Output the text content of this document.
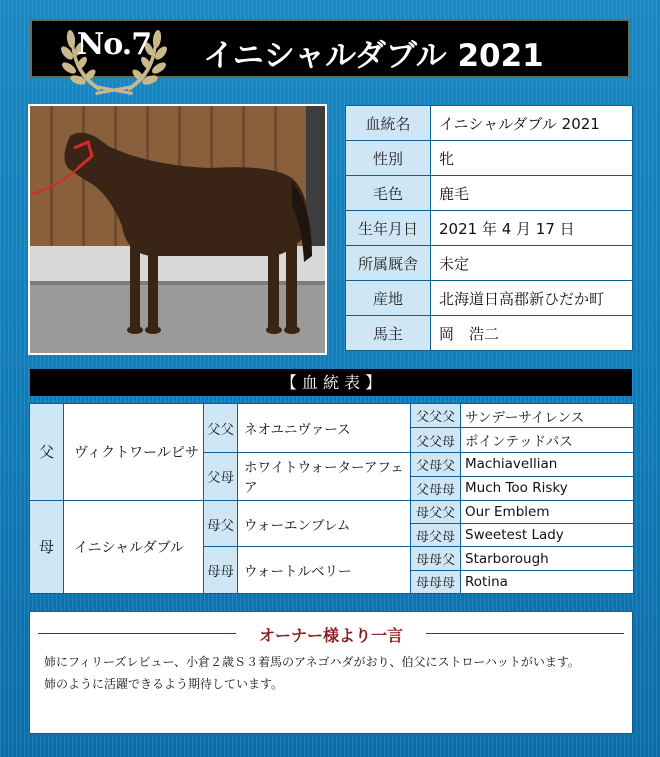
No.7	イニシャルダブル 2021
血統名	イニシャルダブル 2021
性別	牝
毛色	鹿毛
生年月日	2021 年 4 月 17 日
所属厩舎	未定
産地	北海道日高郡新ひだか町
馬主	岡　浩二
【 血 統 表 】
父	ヴィクトワールピサ	父父	ネオユニヴァース	父父父	サンデーサイレンス
				父父母	ポインテッドパス
		父母	ホワイトウォーターアフェア	父母父	Machiavellian
				父母母	Much Too Risky
母	イニシャルダブル	母父	ウォーエンブレム	母父父	Our Emblem
				母父母	Sweetest Lady
		母母	ウォートルベリー	母母父	Starborough
				母母母	Rotina
オーナー様より一言
姉にフィリーズレビュー、小倉２歳Ｓ３着馬のアネゴハダがおり、伯父にストローハットがいます。
姉のように活躍できるよう期待しています。
